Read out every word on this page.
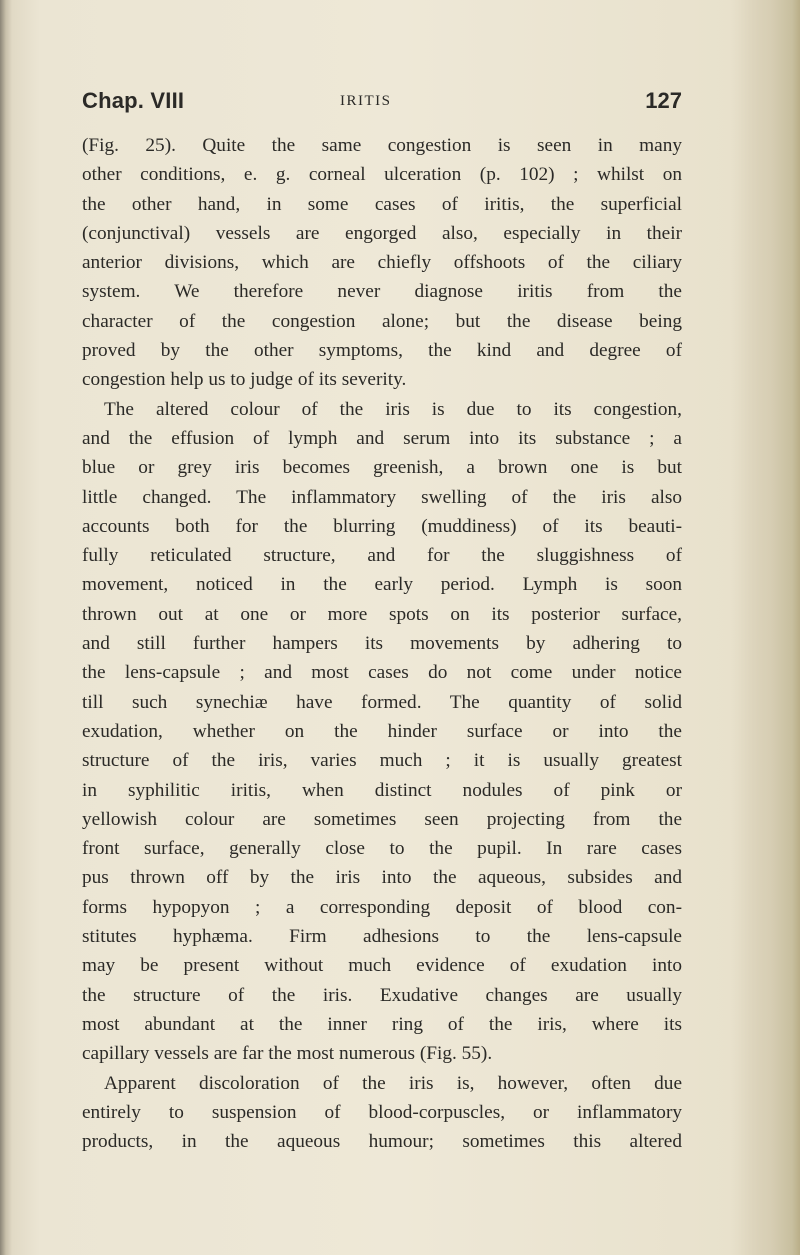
Chap. VIII	IRITIS	127
(Fig. 25). Quite the same congestion is seen in many
other conditions, e. g. corneal ulceration (p. 102) ; whilst on
the other hand, in some cases of iritis, the superficial
(conjunctival) vessels are engorged also, especially in their
anterior divisions, which are chiefly offshoots of the ciliary
system. We therefore never diagnose iritis from the
character of the congestion alone; but the disease being
proved by the other symptoms, the kind and degree of
congestion help us to judge of its severity.
The altered colour of the iris is due to its congestion,
and the effusion of lymph and serum into its substance ; a
blue or grey iris becomes greenish, a brown one is but
little changed. The inflammatory swelling of the iris also
accounts both for the blurring (muddiness) of its beauti-
fully reticulated structure, and for the sluggishness of
movement, noticed in the early period. Lymph is soon
thrown out at one or more spots on its posterior surface,
and still further hampers its movements by adhering to
the lens-capsule ; and most cases do not come under notice
till such synechiæ have formed. The quantity of solid
exudation, whether on the hinder surface or into the
structure of the iris, varies much ; it is usually greatest
in syphilitic iritis, when distinct nodules of pink or
yellowish colour are sometimes seen projecting from the
front surface, generally close to the pupil. In rare cases
pus thrown off by the iris into the aqueous, subsides and
forms hypopyon ; a corresponding deposit of blood con-
stitutes hyphæma. Firm adhesions to the lens-capsule
may be present without much evidence of exudation into
the structure of the iris. Exudative changes are usually
most abundant at the inner ring of the iris, where its
capillary vessels are far the most numerous (Fig. 55).
Apparent discoloration of the iris is, however, often due
entirely to suspension of blood-corpuscles, or inflammatory
products, in the aqueous humour; sometimes this altered
